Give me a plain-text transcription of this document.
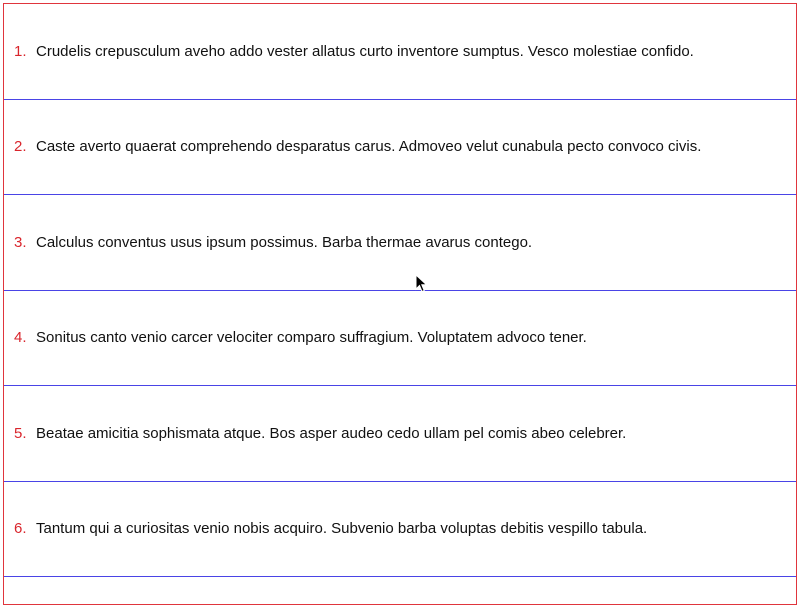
1. Crudelis crepusculum aveho addo vester allatus curto inventore sumptus. Vesco molestiae confido.
2. Caste averto quaerat comprehendo desparatus carus. Admoveo velut cunabula pecto convoco civis.
3. Calculus conventus usus ipsum possimus. Barba thermae avarus contego.
4. Sonitus canto venio carcer velociter comparo suffragium. Voluptatem advoco tener.
5. Beatae amicitia sophismata atque. Bos asper audeo cedo ullam pel comis abeo celebrer.
6. Tantum qui a curiositas venio nobis acquiro. Subvenio barba voluptas debitis vespillo tabula.
